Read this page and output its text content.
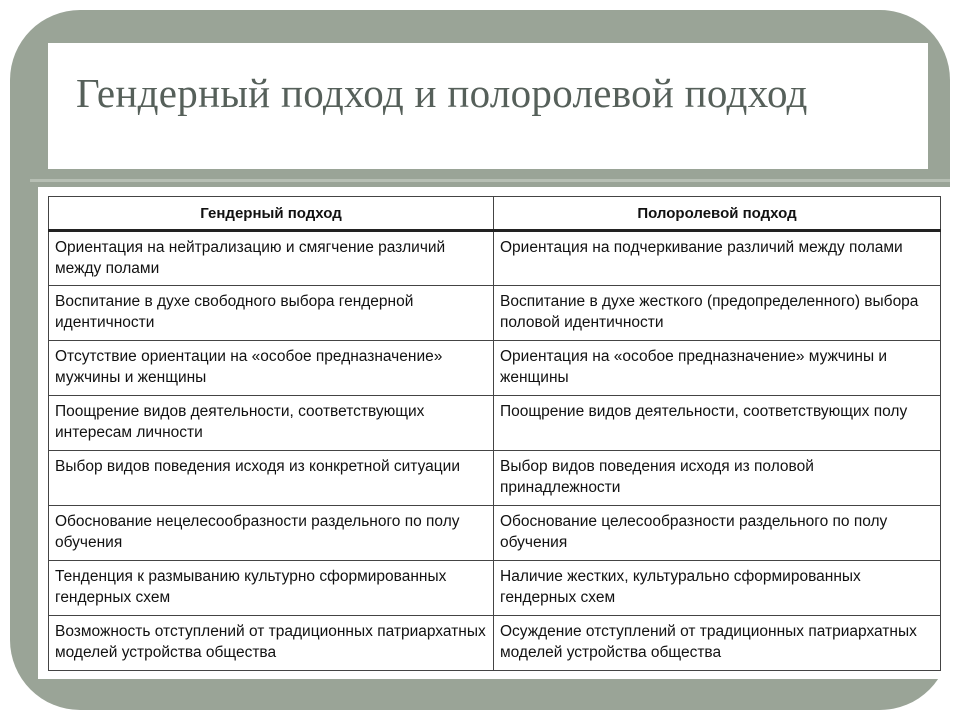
Гендерный подход и полоролевой подход
Гендерный подход	Полоролевой подход
Ориентация на нейтрализацию и смягчение различий между полами	Ориентация на подчеркивание различий между полами
Воспитание в духе свободного выбора гендерной идентичности	Воспитание в духе жесткого (предопределенного) выбора половой идентичности
Отсутствие ориентации на «особое предназначение» мужчины и женщины	Ориентация на «особое предназначение» мужчины и женщины
Поощрение видов деятельности, соответствующих интересам личности	Поощрение видов деятельности, соответствующих полу
Выбор видов поведения исходя из конкретной ситуации	Выбор видов поведения исходя из половой принадлежности
Обоснование нецелесообразности раздельного по полу обучения	Обоснование целесообразности раздельного по полу обучения
Тенденция к размыванию культурно сформированных гендерных схем	Наличие жестких, культурально сформированных гендерных схем
Возможность отступлений от традиционных патриархатных моделей устройства общества	Осуждение отступлений от традиционных патриархатных моделей устройства общества
